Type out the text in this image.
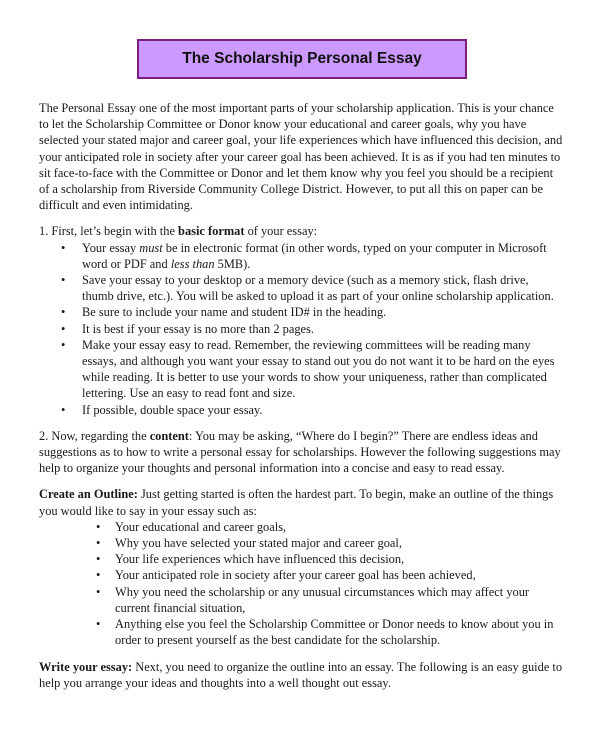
The Scholarship Personal Essay

The Personal Essay one of the most important parts of your scholarship application. This is your chance to let the Scholarship Committee or Donor know your educational and career goals, why you have selected your stated major and career goal, your life experiences which have influenced this decision, and your anticipated role in society after your career goal has been achieved. It is as if you had ten minutes to sit face-to-face with the Committee or Donor and let them know why you feel you should be a recipient of a scholarship from Riverside Community College District. However, to put all this on paper can be difficult and even intimidating.

1. First, let’s begin with the basic format of your essay:

• Your essay must be in electronic format (in other words, typed on your computer in Microsoft word or PDF and less than 5MB).
• Save your essay to your desktop or a memory device (such as a memory stick, flash drive, thumb drive, etc.). You will be asked to upload it as part of your online scholarship application.
• Be sure to include your name and student ID# in the heading.
• It is best if your essay is no more than 2 pages.
• Make your essay easy to read. Remember, the reviewing committees will be reading many essays, and although you want your essay to stand out you do not want it to be hard on the eyes while reading. It is better to use your words to show your uniqueness, rather than complicated lettering. Use an easy to read font and size.
• If possible, double space your essay.

2. Now, regarding the content: You may be asking, “Where do I begin?” There are endless ideas and suggestions as to how to write a personal essay for scholarships. However the following suggestions may help to organize your thoughts and personal information into a concise and easy to read essay.

Create an Outline: Just getting started is often the hardest part. To begin, make an outline of the things you would like to say in your essay such as:

• Your educational and career goals,
• Why you have selected your stated major and career goal,
• Your life experiences which have influenced this decision,
• Your anticipated role in society after your career goal has been achieved,
• Why you need the scholarship or any unusual circumstances which may affect your current financial situation,
• Anything else you feel the Scholarship Committee or Donor needs to know about you in order to present yourself as the best candidate for the scholarship.

Write your essay: Next, you need to organize the outline into an essay. The following is an easy guide to help you arrange your ideas and thoughts into a well thought out essay.
